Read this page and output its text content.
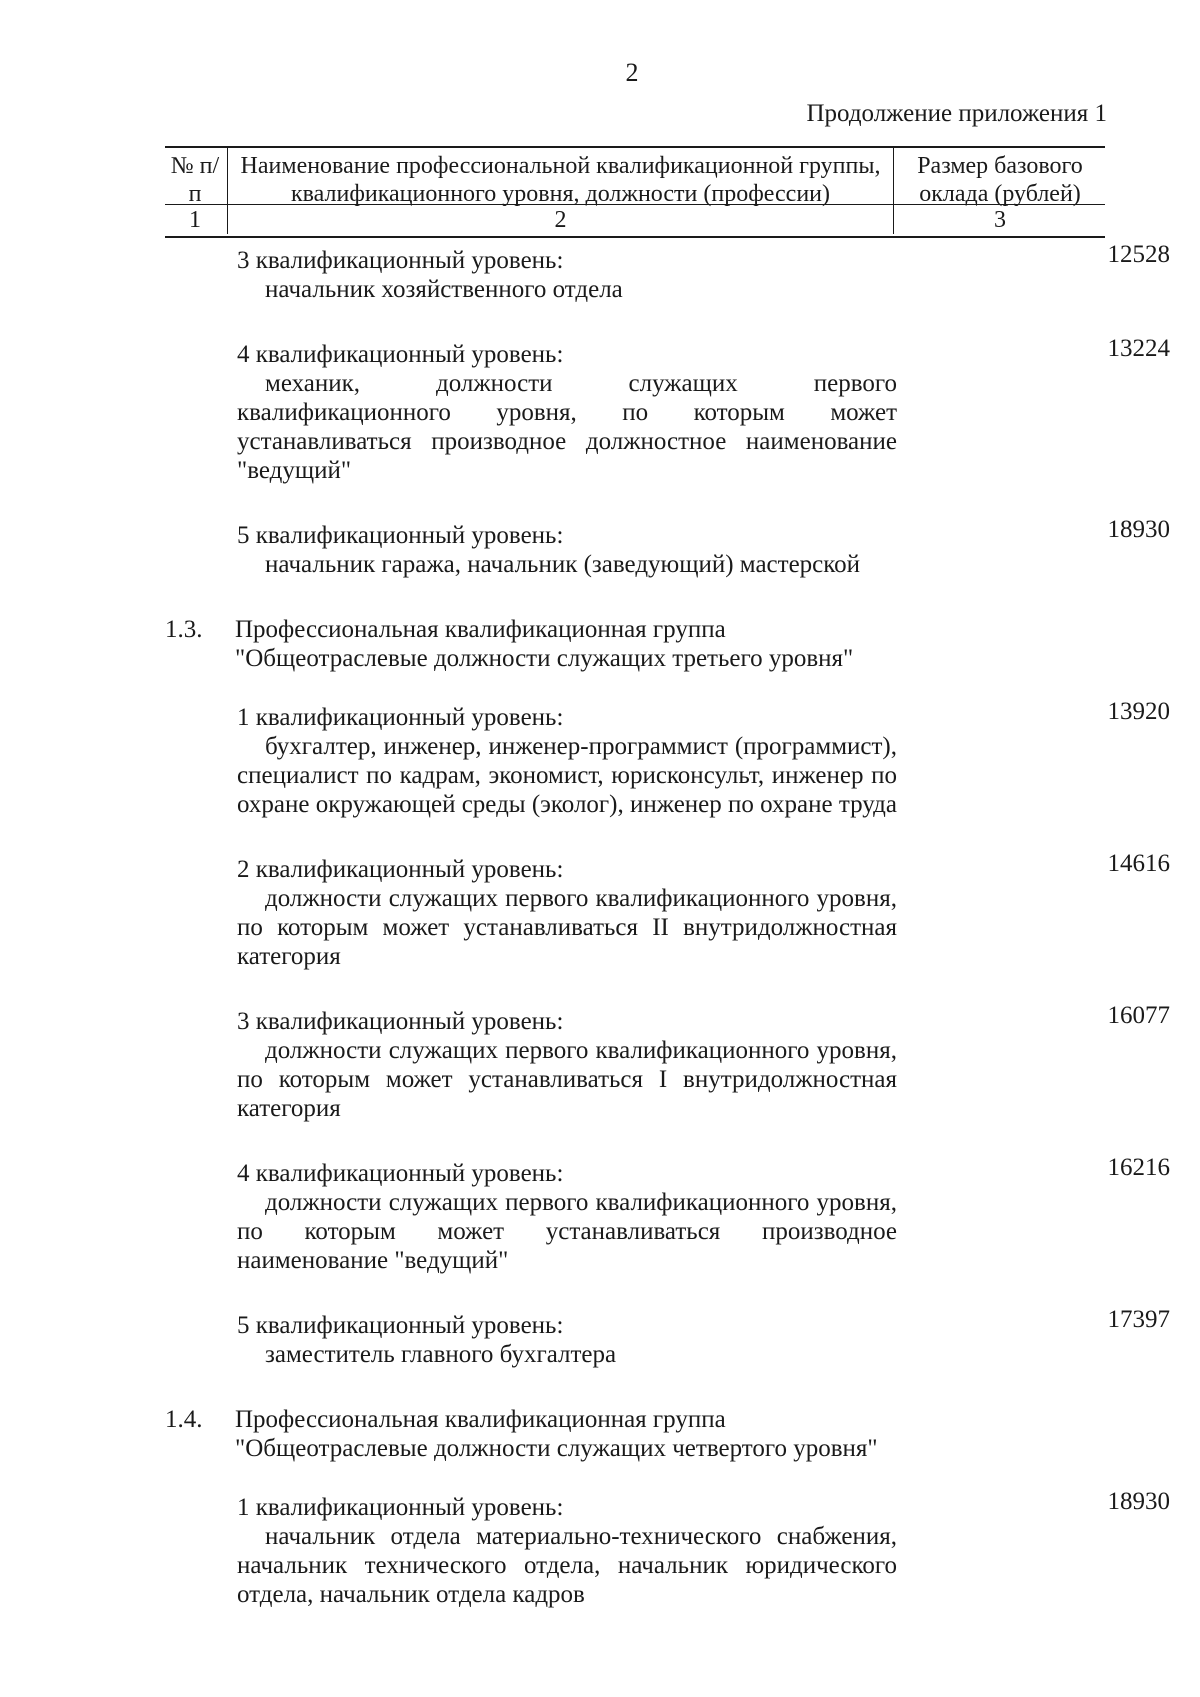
2
Продолжение приложения 1
№ п/п
1
Наименование профессиональной квалификационной группы, квалификационного уровня, должности (профессии)
2
Размер базового оклада (рублей)
3
3 квалификационный уровень:
начальник хозяйственного отдела
12528
4 квалификационный уровень:
механик, должности служащих первого квалификационного уровня, по которым может устанавливаться производное должностное наименование "ведущий"
13224
5 квалификационный уровень:
начальник гаража, начальник (заведующий) мастерской
18930
1.3.	Профессиональная квалификационная группа "Общеотраслевые должности служащих третьего уровня"
1 квалификационный уровень:
бухгалтер, инженер, инженер-программист (программист), специалист по кадрам, экономист, юрисконсульт, инженер по охране окружающей среды (эколог), инженер по охране труда
13920
2 квалификационный уровень:
должности служащих первого квалификационного уровня, по которым может устанавливаться II внутридолжностная категория
14616
3 квалификационный уровень:
должности служащих первого квалификационного уровня, по которым может устанавливаться I внутридолжностная категория
16077
4 квалификационный уровень:
должности служащих первого квалификационного уровня, по которым может устанавливаться производное наименование "ведущий"
16216
5 квалификационный уровень:
заместитель главного бухгалтера
17397
1.4.	Профессиональная квалификационная группа "Общеотраслевые должности служащих четвертого уровня"
1 квалификационный уровень:
начальник отдела материально-технического снабжения, начальник технического отдела, начальник юридического отдела, начальник отдела кадров
18930
